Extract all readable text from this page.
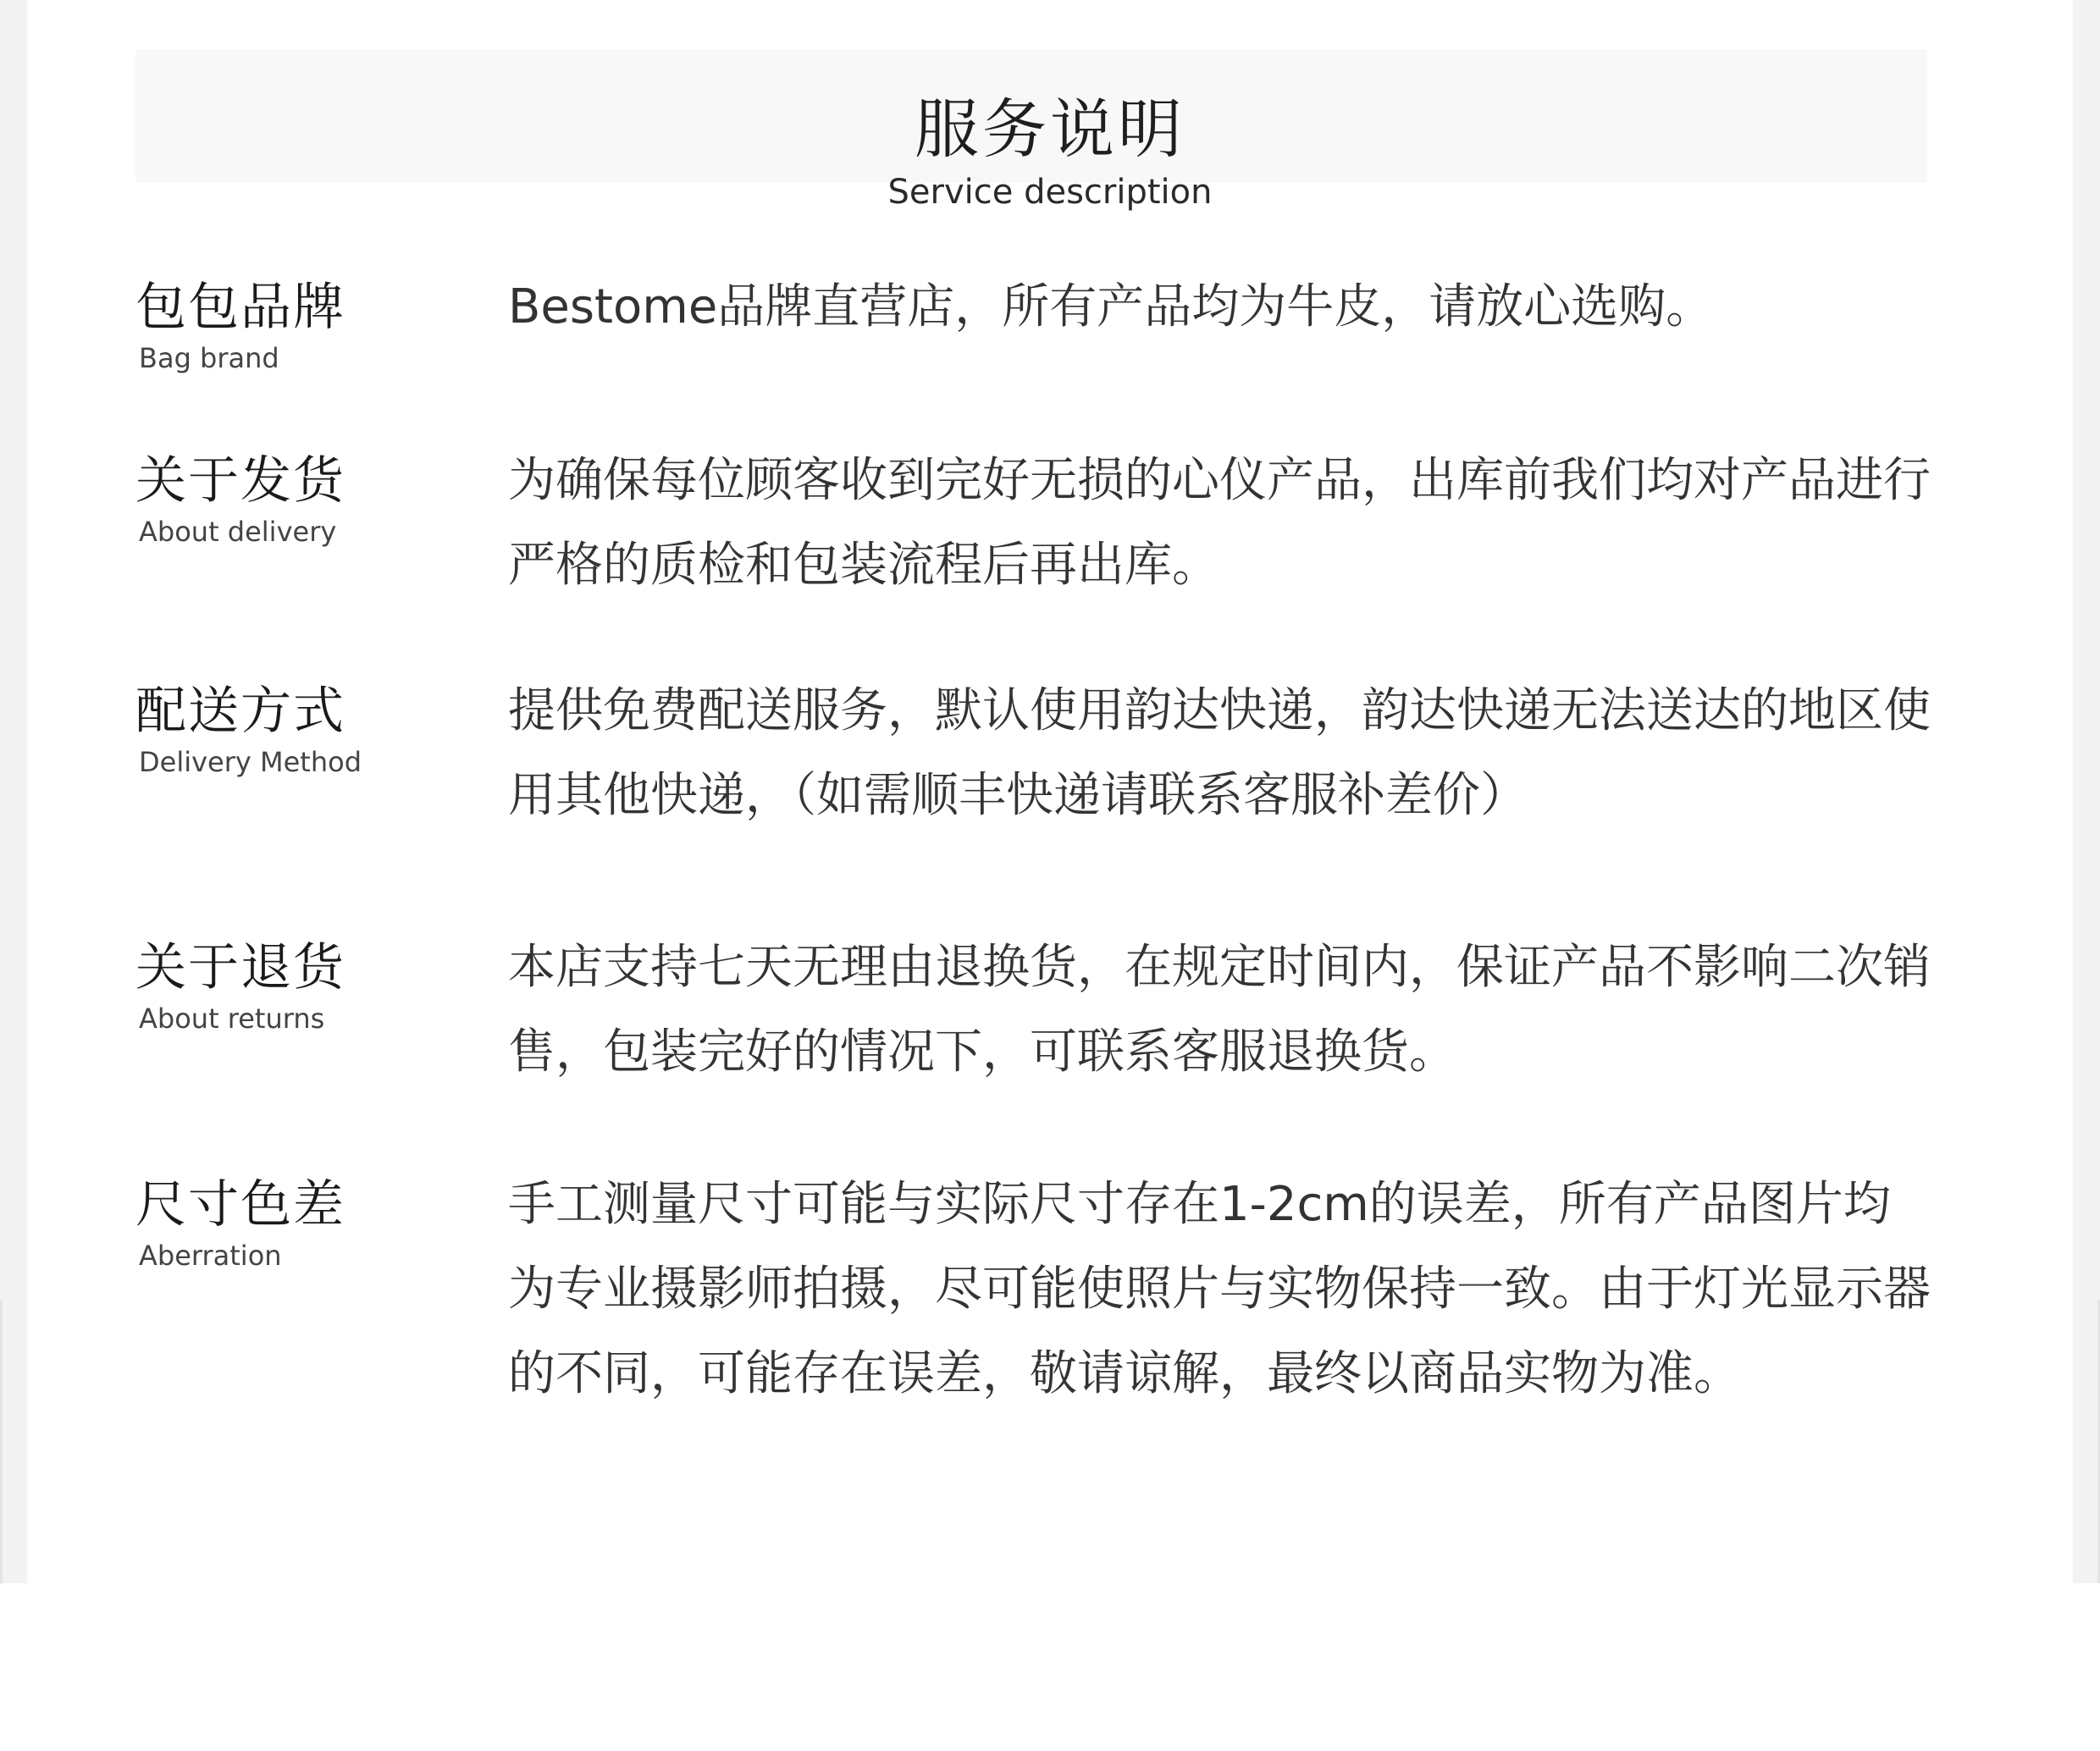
服务说明
Service description
包包品牌
Bag brand
Bestome品牌直营店，所有产品均为牛皮，请放心选购。
关于发货
About delivery
为确保每位顾客收到完好无损的心仪产品，出库前我们均对产品进行严格的质检和包装流程后再出库。
配送方式
Delivery Method
提供免费配送服务，默认使用韵达快递，韵达快递无法送达的地区使用其他快递，（如需顺丰快递请联系客服补差价）
关于退货
About returns
本店支持七天无理由退换货，在规定时间内，保证产品不影响二次销售，包装完好的情况下，可联系客服退换货。
尺寸色差
Aberration
手工测量尺寸可能与实际尺寸存在1-2cm的误差，所有产品图片均为专业摄影师拍摄，尽可能使照片与实物保持一致。由于灯光显示器的不同，可能存在误差，敬请谅解，最终以商品实物为准。
